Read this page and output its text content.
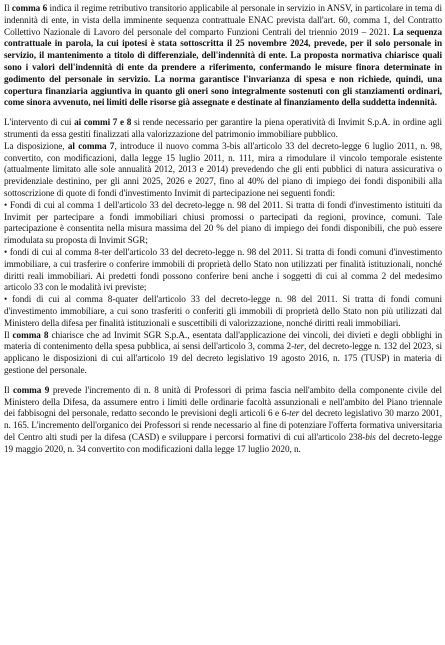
Il comma 6 indica il regime retributivo transitorio applicabile al personale in servizio in ANSV, in particolare in tema di indennità di ente, in vista della imminente sequenza contrattuale ENAC prevista dall'art. 60, comma 1, del Contratto Collettivo Nazionale di Lavoro del personale del comparto Funzioni Centrali del triennio 2019 – 2021. La sequenza contrattuale in parola, la cui ipotesi è stata sottoscritta il 25 novembre 2024, prevede, per il solo personale in servizio, il mantenimento a titolo di differenziale, dell'indennità di ente. La proposta normativa chiarisce quali sono i valori dell'indennità di ente da prendere a riferimento, confermando le misure finora determinate in godimento del personale in servizio. La norma garantisce l'invarianza di spesa e non richiede, quindi, una copertura finanziaria aggiuntiva in quanto gli oneri sono integralmente sostenuti con gli stanziamenti ordinari, come sinora avvenuto, nei limiti delle risorse già assegnate e destinate al finanziamento della suddetta indennità.

L'intervento di cui ai commi 7 e 8 si rende necessario per garantire la piena operatività di Invimit S.p.A. in ordine agli strumenti da essa gestiti finalizzati alla valorizzazione del patrimonio immobiliare pubblico.

La disposizione, al comma 7, introduce il nuovo comma 3-bis all'articolo 33 del decreto-legge 6 luglio 2011, n. 98, convertito, con modificazioni, dalla legge 15 luglio 2011, n. 111, mira a rimodulare il vincolo temporale esistente (attualmente limitato alle sole annualità 2012, 2013 e 2014) prevedendo che gli enti pubblici di natura assicurativa o previdenziale destinino, per gli anni 2025, 2026 e 2027, fino al 40% del piano di impiego dei fondi disponibili alla sottoscrizione di quote di fondi d'investimento Invimit di partecipazione nei seguenti fondi:

• Fondi di cui al comma 1 dell'articolo 33 del decreto-legge n. 98 del 2011. Si tratta di fondi d'investimento istituiti da Invimit per partecipare a fondi immobiliari chiusi promossi o partecipati da regioni, province, comuni. Tale partecipazione è consentita nella misura massima del 20 % del piano di impiego dei fondi disponibili, che può essere rimodulata su proposta di Invimit SGR;

• fondi di cui al comma 8-ter dell'articolo 33 del decreto-legge n. 98 del 2011. Si tratta di fondi comuni d'investimento immobiliare, a cui trasferire o conferire immobili di proprietà dello Stato non utilizzati per finalità istituzionali, nonché diritti reali immobiliari. Ai predetti fondi possono conferire beni anche i soggetti di cui al comma 2 del medesimo articolo 33 con le modalità ivi previste;

• fondi di cui al comma 8-quater dell'articolo 33 del decreto-legge n. 98 del 2011. Si tratta di fondi comuni d'investimento immobiliare, a cui sono trasferiti o conferiti gli immobili di proprietà dello Stato non più utilizzati dal Ministero della difesa per finalità istituzionali e suscettibili di valorizzazione, nonché diritti reali immobiliari.

Il comma 8 chiarisce che ad Invimit SGR S.p.A., esentata dall'applicazione dei vincoli, dei divieti e degli obblighi in materia di contenimento della spesa pubblica, ai sensi dell'articolo 3, comma 2-ter, del decreto-legge n. 132 del 2023, si applicano le disposizioni di cui all'articolo 19 del decreto legislativo 19 agosto 2016, n. 175 (TUSP) in materia di gestione del personale.

Il comma 9 prevede l'incremento di n. 8 unità di Professori di prima fascia nell'ambito della componente civile del Ministero della Difesa, da assumere entro i limiti delle ordinarie facoltà assunzionali e nell'ambito del Piano triennale dei fabbisogni del personale, redatto secondo le previsioni degli articoli 6 e 6-ter del decreto legislativo 30 marzo 2001, n. 165. L'incremento dell'organico dei Professori si rende necessario al fine di potenziare l'offerta formativa universitaria del Centro alti studi per la difesa (CASD) e sviluppare i percorsi formativi di cui all'articolo 238-bis del decreto-legge 19 maggio 2020, n. 34 convertito con modificazioni dalla legge 17 luglio 2020, n.
